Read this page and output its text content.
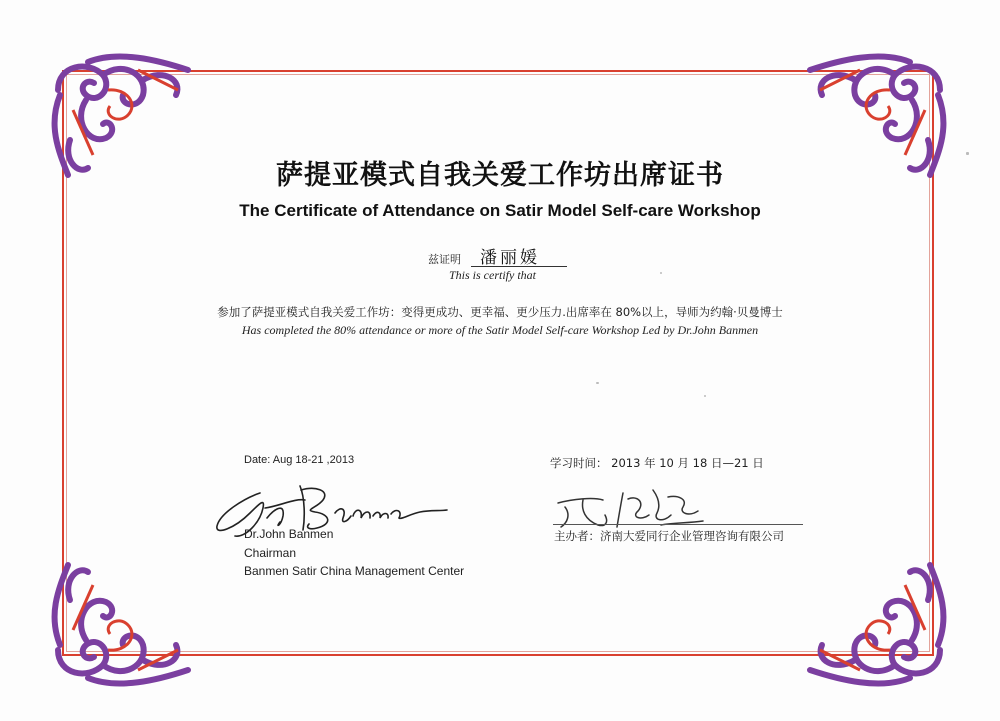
萨提亚模式自我关爱工作坊出席证书
The Certificate of Attendance on Satir Model Self-care Workshop
兹证明 潘丽媛
This is certify that
参加了萨提亚模式自我关爱工作坊：变得更成功、更幸福、更少压力.出席率在 80%以上，导师为约翰·贝曼博士
Has completed the 80% attendance or more of the Satir Model Self-care Workshop Led by Dr.John Banmen
Date: Aug 18-21 ,2013	学习时间： 2013 年 10 月 18 日—21 日
Dr.John Banmen
Chairman
Banmen Satir China Management Center
主办者：济南大爱同行企业管理咨询有限公司
